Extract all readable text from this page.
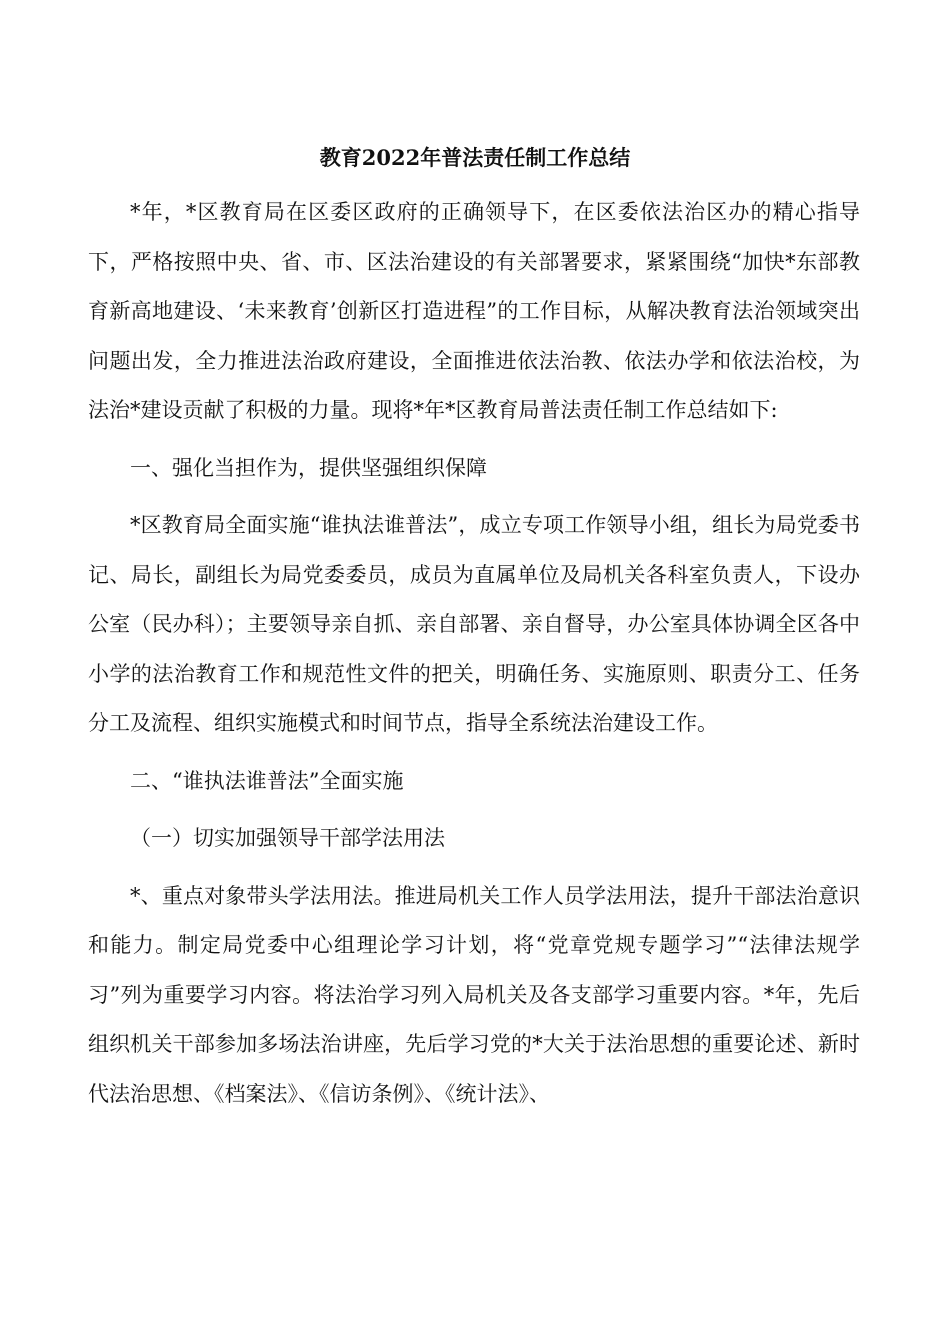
教育2022年普法责任制工作总结

*年，*区教育局在区委区政府的正确领导下，在区委依法治区办的精心指导下，严格按照中央、省、市、区法治建设的有关部署要求，紧紧围绕“加快*东部教育新高地建设、‘未来教育’创新区打造进程”的工作目标，从解决教育法治领域突出问题出发，全力推进法治政府建设，全面推进依法治教、依法办学和依法治校，为法治*建设贡献了积极的力量。现将*年*区教育局普法责任制工作总结如下:

一、强化当担作为，提供坚强组织保障

*区教育局全面实施“谁执法谁普法”，成立专项工作领导小组，组长为局党委书记、局长，副组长为局党委委员，成员为直属单位及局机关各科室负责人，下设办公室（民办科）；主要领导亲自抓、亲自部署、亲自督导，办公室具体协调全区各中小学的法治教育工作和规范性文件的把关，明确任务、实施原则、职责分工、任务分工及流程、组织实施模式和时间节点，指导全系统法治建设工作。

二、“谁执法谁普法”全面实施

（一）切实加强领导干部学法用法

*、重点对象带头学法用法。推进局机关工作人员学法用法，提升干部法治意识和能力。制定局党委中心组理论学习计划，将“党章党规专题学习”“法律法规学习”列为重要学习内容。将法治学习列入局机关及各支部学习重要内容。*年，先后组织机关干部参加多场法治讲座，先后学习党的*大关于法治思想的重要论述、新时代法治思想、《档案法》、《信访条例》、《统计法》、
